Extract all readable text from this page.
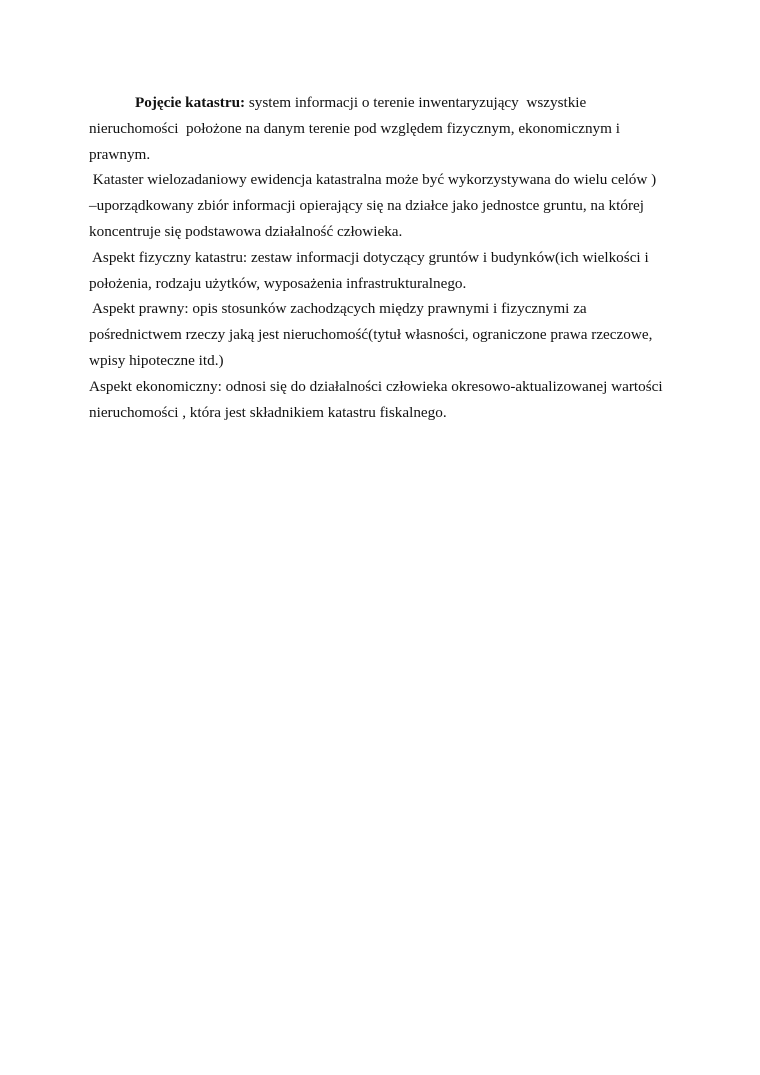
Pojęcie katastru: system informacji o terenie inwentaryzujący  wszystkie
nieruchomości  położone na danym terenie pod względem fizycznym, ekonomicznym i
prawnym.

Kataster wielozadaniowy ewidencja katastralna może być wykorzystywana do wielu celów )
–uporządkowany zbiór informacji opierający się na działce jako jednostce gruntu, na której
koncentruje się podstawowa działalność człowieka.

Aspekt fizyczny katastru: zestaw informacji dotyczący gruntów i budynków(ich wielkości i
położenia, rodzaju użytków, wyposażenia infrastrukturalnego.

Aspekt prawny: opis stosunków zachodzących między prawnymi i fizycznymi za
pośrednictwem rzeczy jaką jest nieruchomość(tytuł własności, ograniczone prawa rzeczowe,
wpisy hipoteczne itd.)

Aspekt ekonomiczny: odnosi się do działalności człowieka okresowo-aktualizowanej wartości
nieruchomości , która jest składnikiem katastru fiskalnego.
